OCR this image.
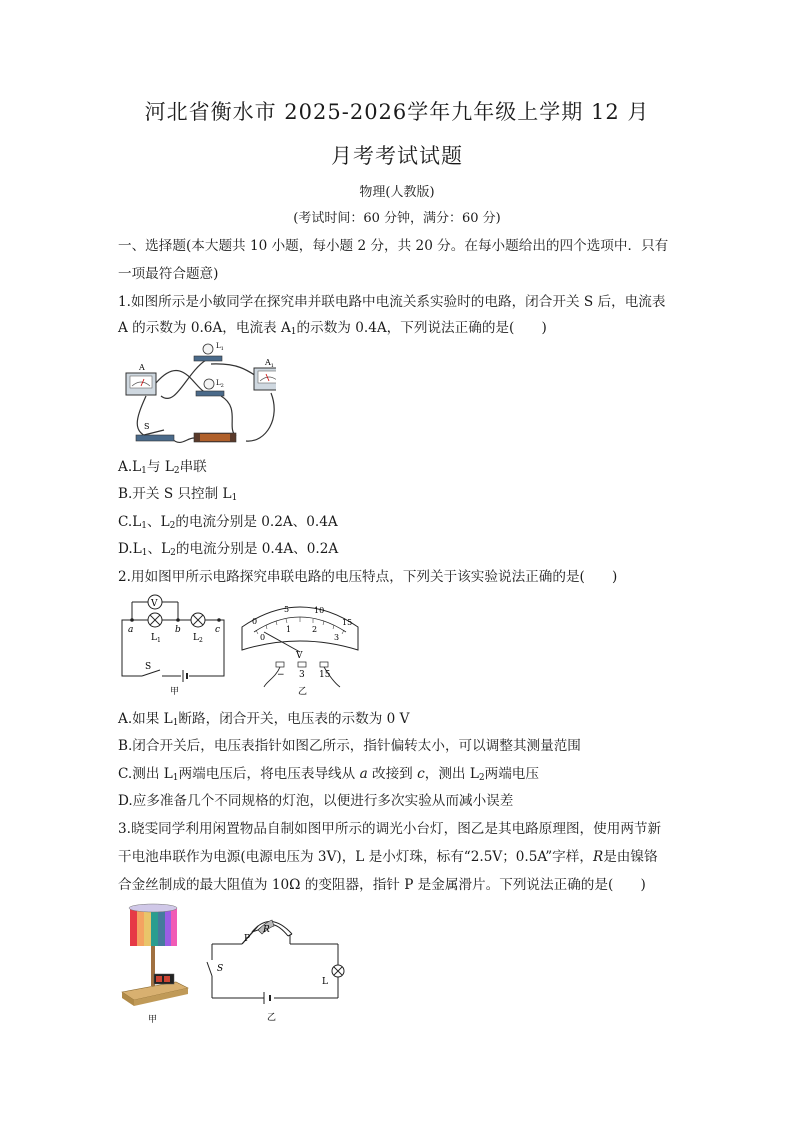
河北省衡水市 2025-2026学年九年级上学期 12 月
月考考试试题
物理(人教版)
(考试时间：60 分钟，满分：60 分)
一、选择题(本大题共 10 小题，每小题 2 分，共 20 分。在每小题给出的四个选项中．只有
一项最符合题意)
1.如图所示是小敏同学在探究串并联电路中电流关系实验时的电路，闭合开关 S 后，电流表
A 的示数为 0.6A，电流表 $A_1$的示数为 0.4A，下列说法正确的是(　　)
A
$A_1$
$L_1$
$L_2$
S
$A.L_1$与 $L_2$串联
B.开关 S 只控制 $L_1$
$C.L_1$、$L_2$的电流分别是 0.2A、0.4A
$D.L_1$、$L_2$的电流分别是 0.4A、0.2A
2.用如图甲所示电路探究串联电路的电压特点，下列关于该实验说法正确的是(　　)
V
a	b	c
$L_1$	$L_2$
S
甲
0
5	10
15
0
1	2
3
V
− 3 15
乙
A.如果 $L_1$断路，闭合开关，电压表的示数为 0 V
B.闭合开关后，电压表指针如图乙所示，指针偏转太小，可以调整其测量范围
C.测出 $L_1$两端电压后，将电压表导线从 a 改接到 c，测出 $L_2$两端电压
D.应多准备几个不同规格的灯泡，以便进行多次实验从而减小误差
3.晓雯同学利用闲置物品自制如图甲所示的调光小台灯，图乙是其电路原理图，使用两节新
干电池串联作为电源(电源电压为 3V)，L 是小灯珠，标有“2.5V；0.5A”字样，R是由镍铬
合金丝制成的最大阻值为 10Ω 的变阻器，指针 P 是金属滑片。下列说法正确的是(　　)
甲
P
R
S
L
乙
